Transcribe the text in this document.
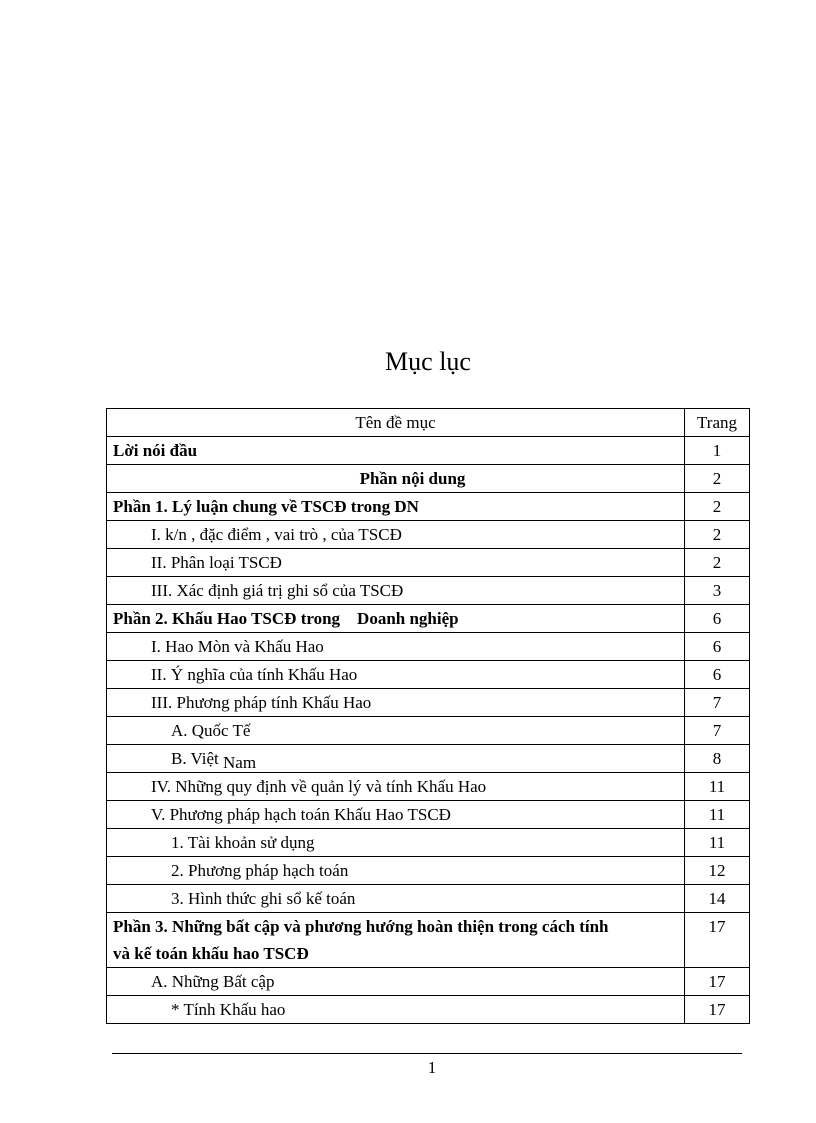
Mục lục
Tên đề mục	Trang
Lời nói đầu	1
Phần nội dung	2
Phần 1. Lý luận chung về TSCĐ trong DN	2
I. k/n , đặc điểm , vai trò , của TSCĐ	2
II. Phân loại TSCĐ	2
III. Xác định giá trị ghi sổ của TSCĐ	3
Phần 2. Khấu Hao TSCĐ trong    Doanh nghiệp	6
I. Hao Mòn và Khấu Hao	6
II. Ý nghĩa của tính Khấu Hao	6
III. Phương pháp tính Khấu Hao	7
A. Quốc Tế	7
B. Việt Nam	8
IV. Những quy định về quản lý và tính Khấu Hao	11
V. Phương pháp hạch toán Khấu Hao TSCĐ	11
1. Tài khoản sử dụng	11
2. Phương pháp hạch toán	12
3. Hình thức ghi sổ kế toán	14
Phần 3. Những bất cập và phương hướng hoàn thiện trong cách tính
và kế toán khấu hao TSCĐ	17
A. Những Bất cập	17
* Tính Khấu hao	17
1
